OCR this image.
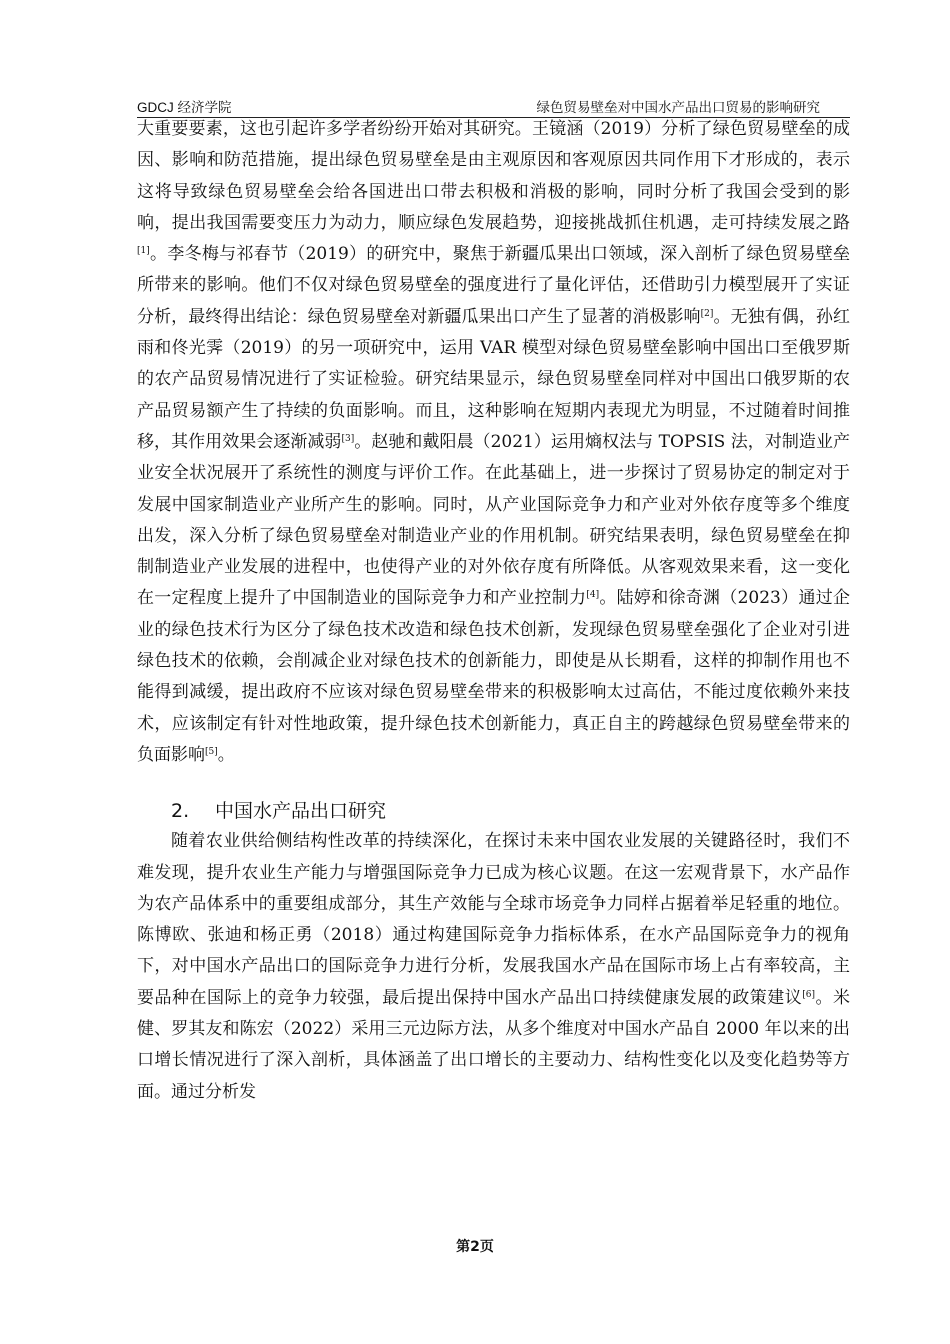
GDCJ 经济学院	绿色贸易壁垒对中国水产品出口贸易的影响研究

大重要要素，这也引起许多学者纷纷开始对其研究。王镜涵（2019）分析了绿色贸易壁垒的成因、影响和防范措施，提出绿色贸易壁垒是由主观原因和客观原因共同作用下才形成的，表示这将导致绿色贸易壁垒会给各国进出口带去积极和消极的影响，同时分析了我国会受到的影响，提出我国需要变压力为动力，顺应绿色发展趋势，迎接挑战抓住机遇，走可持续发展之路[1]。李冬梅与祁春节（2019）的研究中，聚焦于新疆瓜果出口领域，深入剖析了绿色贸易壁垒所带来的影响。他们不仅对绿色贸易壁垒的强度进行了量化评估，还借助引力模型展开了实证分析，最终得出结论：绿色贸易壁垒对新疆瓜果出口产生了显著的消极影响[2]。无独有偶，孙红雨和佟光霁（2019）的另一项研究中，运用 VAR 模型对绿色贸易壁垒影响中国出口至俄罗斯的农产品贸易情况进行了实证检验。研究结果显示，绿色贸易壁垒同样对中国出口俄罗斯的农产品贸易额产生了持续的负面影响。而且，这种影响在短期内表现尤为明显，不过随着时间推移，其作用效果会逐渐减弱[3]。赵驰和戴阳晨（2021）运用熵权法与 TOPSIS 法，对制造业产业安全状况展开了系统性的测度与评价工作。在此基础上，进一步探讨了贸易协定的制定对于发展中国家制造业产业所产生的影响。同时，从产业国际竞争力和产业对外依存度等多个维度出发，深入分析了绿色贸易壁垒对制造业产业的作用机制。研究结果表明，绿色贸易壁垒在抑制制造业产业发展的进程中，也使得产业的对外依存度有所降低。从客观效果来看，这一变化在一定程度上提升了中国制造业的国际竞争力和产业控制力[4]。陆婷和徐奇渊（2023）通过企业的绿色技术行为区分了绿色技术改造和绿色技术创新，发现绿色贸易壁垒强化了企业对引进绿色技术的依赖，会削减企业对绿色技术的创新能力，即使是从长期看，这样的抑制作用也不能得到减缓，提出政府不应该对绿色贸易壁垒带来的积极影响太过高估，不能过度依赖外来技术，应该制定有针对性地政策，提升绿色技术创新能力，真正自主的跨越绿色贸易壁垒带来的负面影响[5]。

2. 中国水产品出口研究

随着农业供给侧结构性改革的持续深化，在探讨未来中国农业发展的关键路径时，我们不难发现，提升农业生产能力与增强国际竞争力已成为核心议题。在这一宏观背景下，水产品作为农产品体系中的重要组成部分，其生产效能与全球市场竞争力同样占据着举足轻重的地位。陈博欧、张迪和杨正勇（2018）通过构建国际竞争力指标体系，在水产品国际竞争力的视角下，对中国水产品出口的国际竞争力进行分析，发展我国水产品在国际市场上占有率较高，主要品种在国际上的竞争力较强，最后提出保持中国水产品出口持续健康发展的政策建议[6]。米健、罗其友和陈宏（2022）采用三元边际方法，从多个维度对中国水产品自 2000 年以来的出口增长情况进行了深入剖析，具体涵盖了出口增长的主要动力、结构性变化以及变化趋势等方面。通过分析发

第2页
